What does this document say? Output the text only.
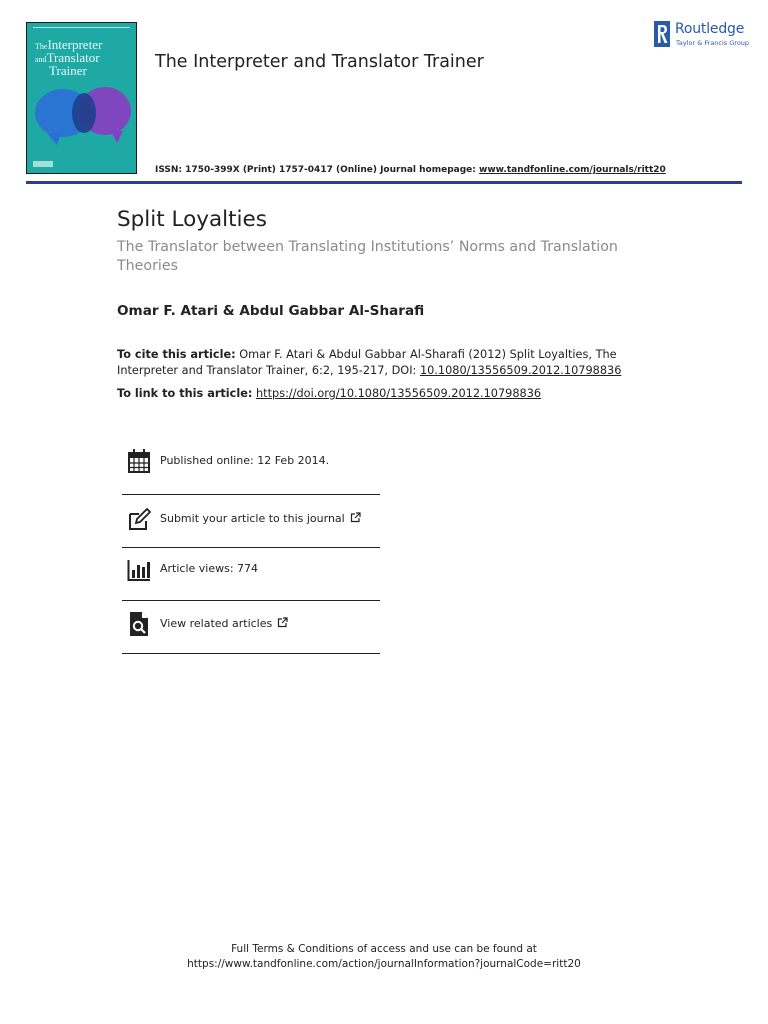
TheInterpreter
andTranslator
Trainer	The Interpreter and Translator Trainer
Routledge
Taylor & Francis Group
ISSN: 1750-399X (Print) 1757-0417 (Online) Journal homepage: www.tandfonline.com/journals/ritt20
Split Loyalties
The Translator between Translating Institutions’ Norms and Translation Theories
Omar F. Atari & Abdul Gabbar Al-Sharafi
To cite this article: Omar F. Atari & Abdul Gabbar Al-Sharafi (2012) Split Loyalties, The Interpreter and Translator Trainer, 6:2, 195-217, DOI: 10.1080/13556509.2012.10798836
To link to this article: https://doi.org/10.1080/13556509.2012.10798836
Published online: 12 Feb 2014.
Submit your article to this journal
Article views: 774
View related articles
Full Terms & Conditions of access and use can be found at
https://www.tandfonline.com/action/journalInformation?journalCode=ritt20
